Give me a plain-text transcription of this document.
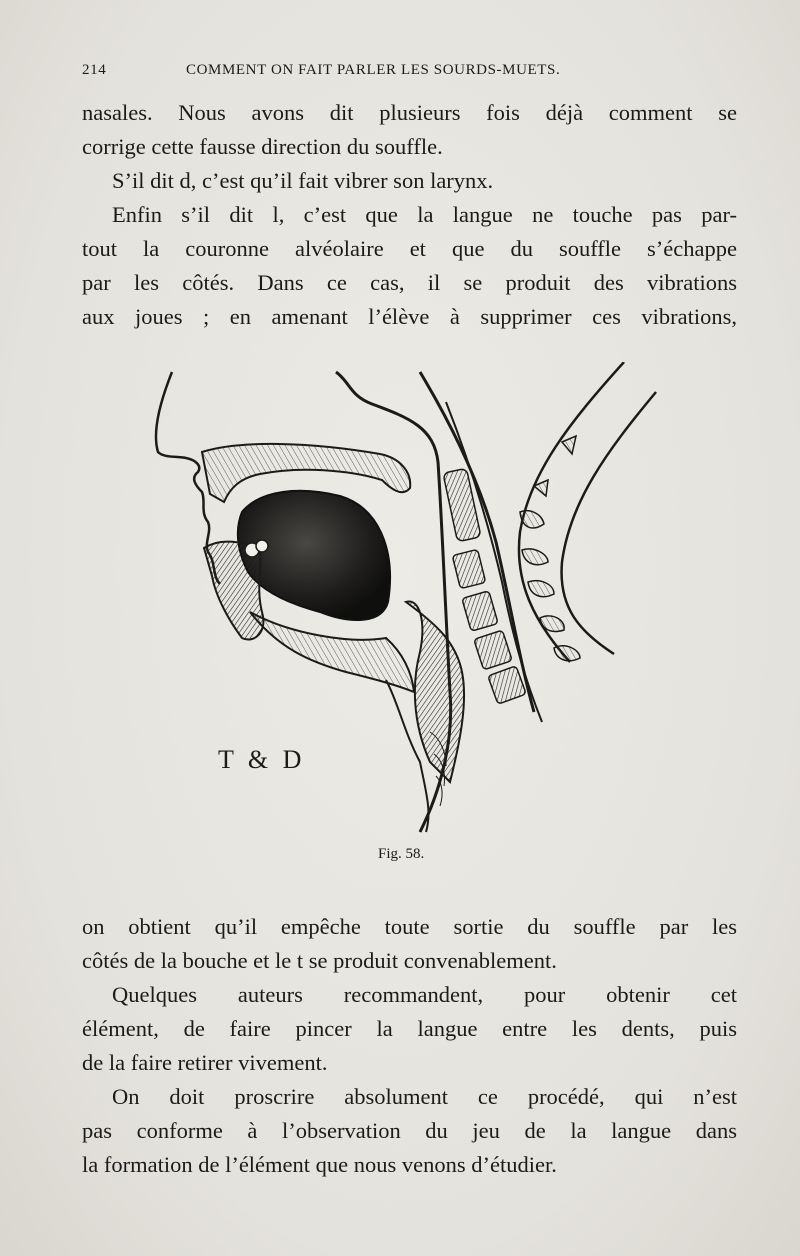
214	COMMENT ON FAIT PARLER LES SOURDS-MUETS.
nasales. Nous avons dit plusieurs fois déjà comment se
corrige cette fausse direction du souffle.
S’il dit d, c’est qu’il fait vibrer son larynx.
Enfin s’il dit l, c’est que la langue ne touche pas par-
tout la couronne alvéolaire et que du souffle s’échappe
par les côtés. Dans ce cas, il se produit des vibrations
aux joues ; en amenant l’élève à supprimer ces vibrations,
T & D
Fig. 58.
on obtient qu’il empêche toute sortie du souffle par les
côtés de la bouche et le t se produit convenablement.
Quelques auteurs recommandent, pour obtenir cet
élément, de faire pincer la langue entre les dents, puis
de la faire retirer vivement.
On doit proscrire absolument ce procédé, qui n’est
pas conforme à l’observation du jeu de la langue dans
la formation de l’élément que nous venons d’étudier.
